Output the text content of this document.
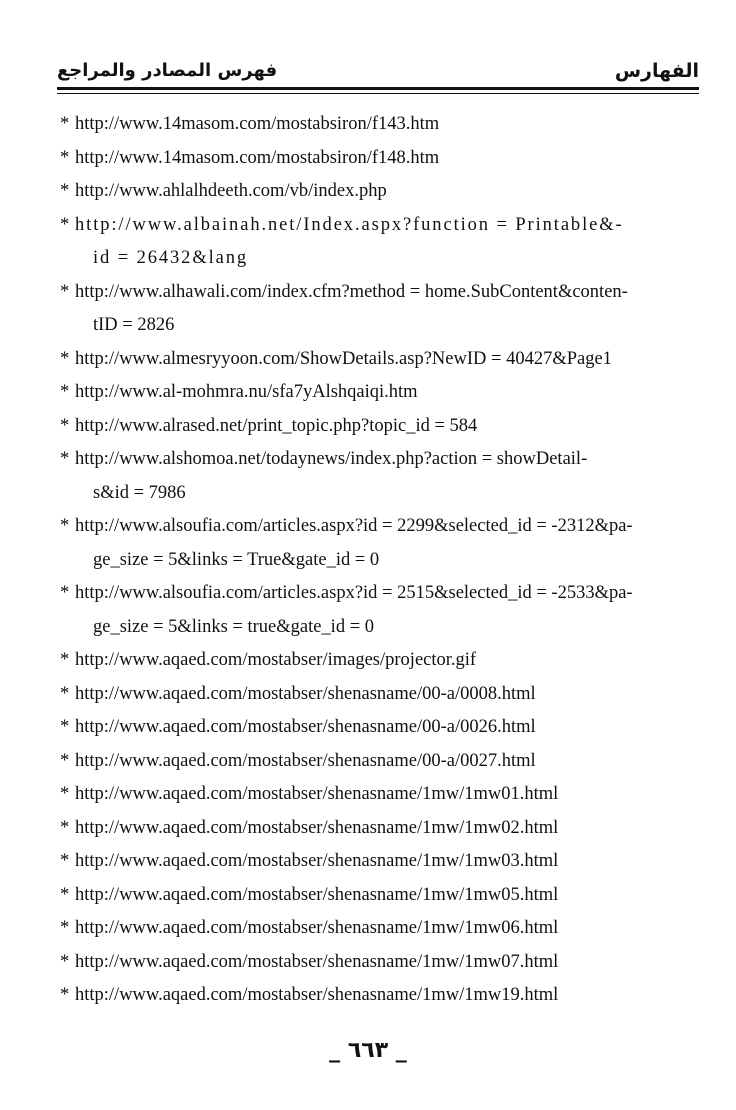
الفهارس
فهرس المصادر والمراجع
* http://www.14masom.com/mostabsiron/f143.htm
* http://www.14masom.com/mostabsiron/f148.htm
* http://www.ahlalhdeeth.com/vb/index.php
* http://www.albainah.net/Index.aspx?function = Printable&-
id = 26432&lang
* http://www.alhawali.com/index.cfm?method = home.SubContent&conten-
tID = 2826
* http://www.almesryyoon.com/ShowDetails.asp?NewID = 40427&Page1
* http://www.al-mohmra.nu/sfa7yAlshqaiqi.htm
* http://www.alrased.net/print_topic.php?topic_id = 584
* http://www.alshomoa.net/todaynews/index.php?action = showDetail-
s&id = 7986
* http://www.alsoufia.com/articles.aspx?id = 2299&selected_id = -2312&pa-
ge_size = 5&links = True&gate_id = 0
* http://www.alsoufia.com/articles.aspx?id = 2515&selected_id = -2533&pa-
ge_size = 5&links = true&gate_id = 0
* http://www.aqaed.com/mostabser/images/projector.gif
* http://www.aqaed.com/mostabser/shenasname/00-a/0008.html
* http://www.aqaed.com/mostabser/shenasname/00-a/0026.html
* http://www.aqaed.com/mostabser/shenasname/00-a/0027.html
* http://www.aqaed.com/mostabser/shenasname/1mw/1mw01.html
* http://www.aqaed.com/mostabser/shenasname/1mw/1mw02.html
* http://www.aqaed.com/mostabser/shenasname/1mw/1mw03.html
* http://www.aqaed.com/mostabser/shenasname/1mw/1mw05.html
* http://www.aqaed.com/mostabser/shenasname/1mw/1mw06.html
* http://www.aqaed.com/mostabser/shenasname/1mw/1mw07.html
* http://www.aqaed.com/mostabser/shenasname/1mw/1mw19.html
_ ٦٦٣ _
